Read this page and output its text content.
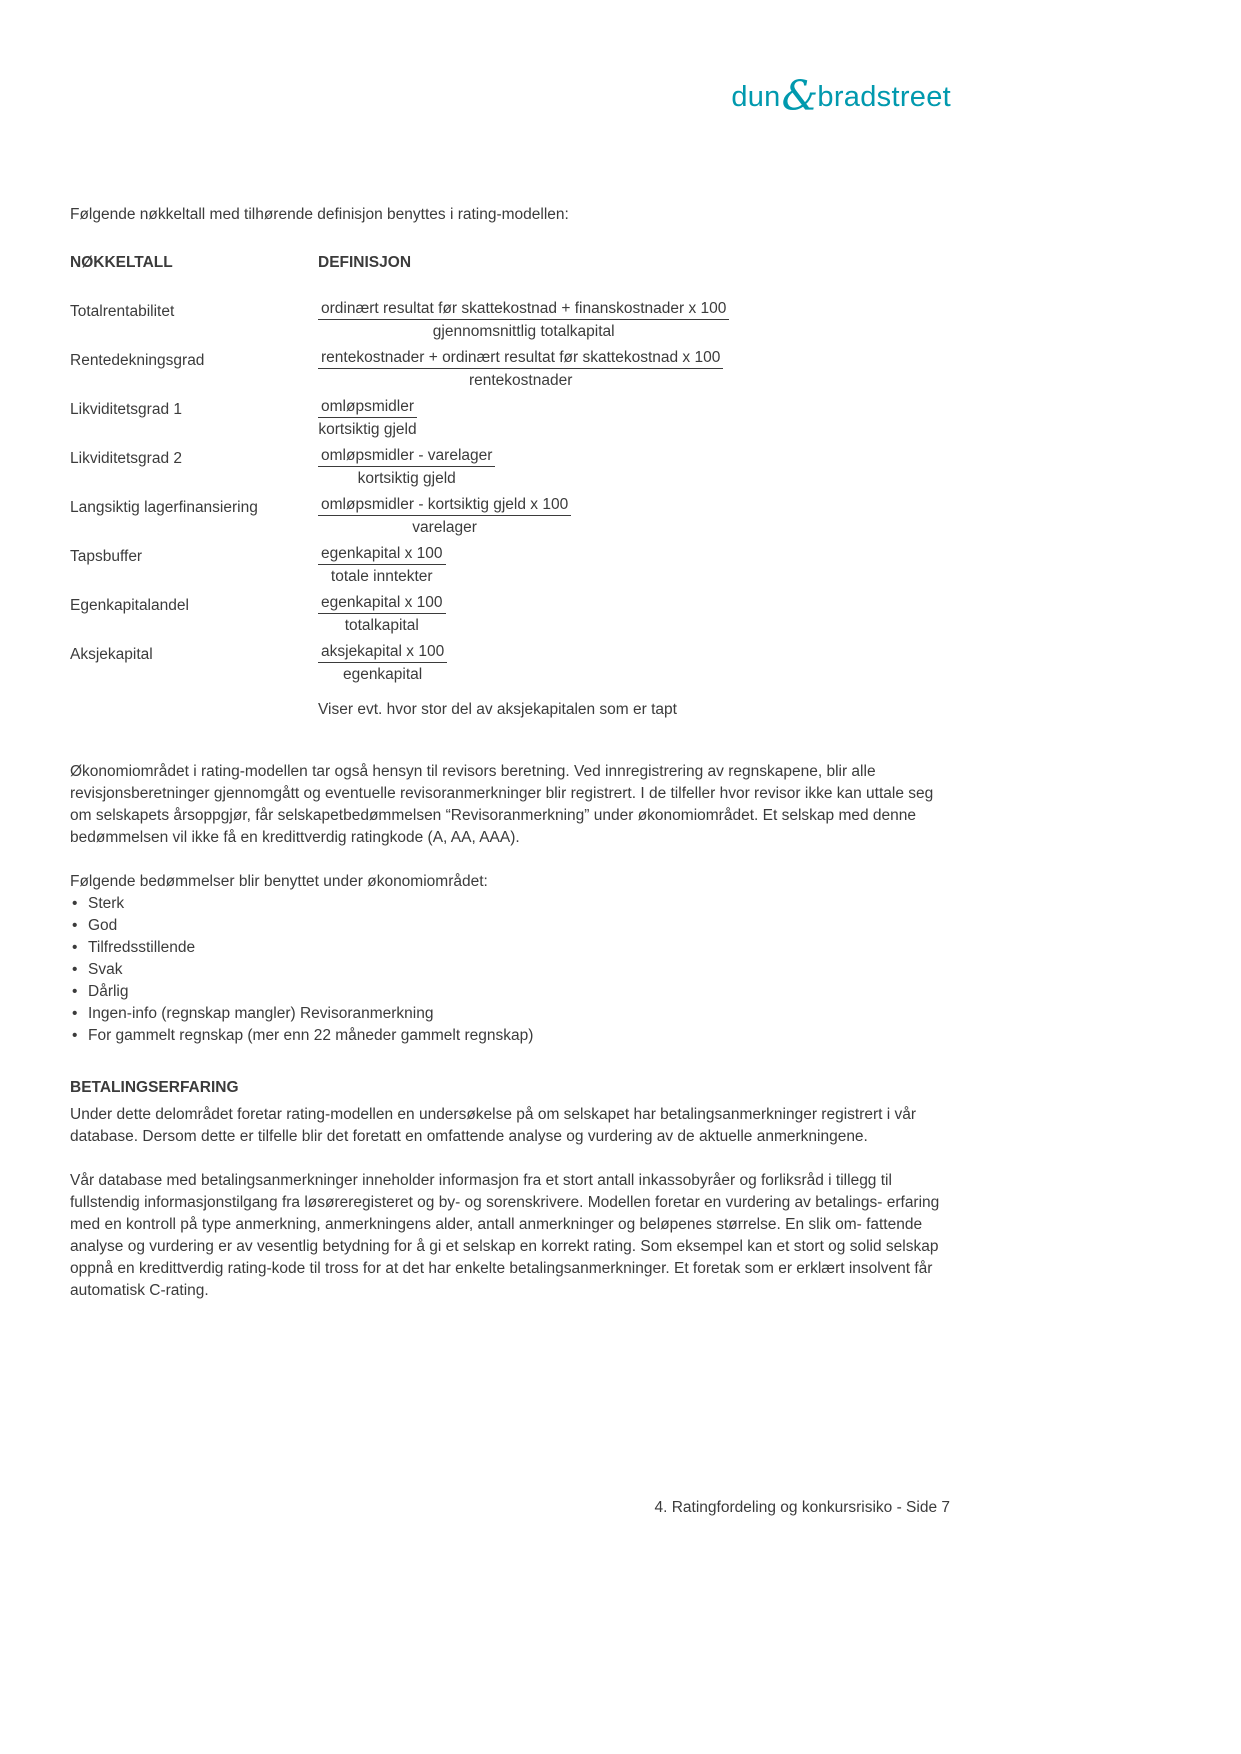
dun&bradstreet

Følgende nøkkeltall med tilhørende definisjon benyttes i rating-modellen:

NØKKELTALL	DEFINISJON
Totalrentabilitet	$\frac{\text{ordinært resultat før skattekostnad + finanskostnader x 100}}{\text{gjennomsnittlig totalkapital}}$
Rentedekningsgrad	$\frac{\text{rentekostnader + ordinært resultat før skattekostnad x 100}}{\text{rentekostnader}}$
Likviditetsgrad 1	$\frac{\text{omløpsmidler}}{\text{kortsiktig gjeld}}$
Likviditetsgrad 2	$\frac{\text{omløpsmidler - varelager}}{\text{kortsiktig gjeld}}$
Langsiktig lagerfinansiering	$\frac{\text{omløpsmidler - kortsiktig gjeld x 100}}{\text{varelager}}$
Tapsbuffer	$\frac{\text{egenkapital x 100}}{\text{totale inntekter}}$
Egenkapitalandel	$\frac{\text{egenkapital x 100}}{\text{totalkapital}}$
Aksjekapital	$\frac{\text{aksjekapital x 100}}{\text{egenkapital}}$

Viser evt. hvor stor del av aksjekapitalen som er tapt

Økonomiområdet i rating-modellen tar også hensyn til revisors beretning. Ved innregistrering av regnskapene, blir alle revisjonsberetninger gjennomgått og eventuelle revisoranmerkninger blir registrert. I de tilfeller hvor revisor ikke kan uttale seg om selskapets årsoppgjør, får selskapetbedømmelsen “Revisoranmerkning” under økonomiområdet. Et selskap med denne bedømmelsen vil ikke få en kredittverdig ratingkode (A, AA, AAA).

Følgende bedømmelser blir benyttet under økonomiområdet:

• Sterk
• God
• Tilfredsstillende
• Svak
• Dårlig
• Ingen-info (regnskap mangler) Revisoranmerkning
• For gammelt regnskap (mer enn 22 måneder gammelt regnskap)
BETALINGSERFARING

Under dette delområdet foretar rating-modellen en undersøkelse på om selskapet har betalingsanmerkninger registrert i vår database. Dersom dette er tilfelle blir det foretatt en omfattende analyse og vurdering av de aktuelle anmerkningene.

Vår database med betalingsanmerkninger inneholder informasjon fra et stort antall inkassobyråer og forliksråd i tillegg til fullstendig informasjonstilgang fra løsøreregisteret og by- og sorenskrivere. Modellen foretar en vurdering av betalings- erfaring med en kontroll på type anmerkning, anmerkningens alder, antall anmerkninger og beløpenes størrelse. En slik om- fattende analyse og vurdering er av vesentlig betydning for å gi et selskap en korrekt rating. Som eksempel kan et stort og solid selskap oppnå en kredittverdig rating-kode til tross for at det har enkelte betalingsanmerkninger. Et foretak som er erklært insolvent får automatisk C-rating.

4. Ratingfordeling og konkursrisiko - Side 7
